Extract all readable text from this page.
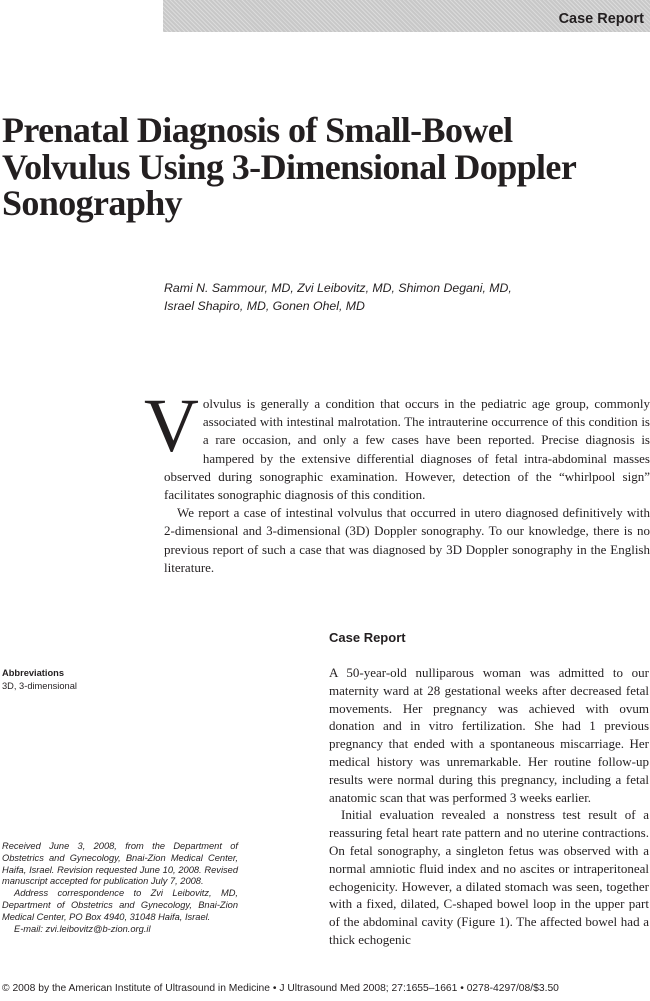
Case Report
Prenatal Diagnosis of Small-Bowel Volvulus Using 3-Dimensional Doppler Sonography
Rami N. Sammour, MD, Zvi Leibovitz, MD, Shimon Degani, MD,
Israel Shapiro, MD, Gonen Ohel, MD

Volvulus is generally a condition that occurs in the pediatric age group, commonly associated with intestinal malrotation. The intrauterine occurrence of this condition is a rare occasion, and only a few cases have been reported. Precise diagnosis is hampered by the extensive differential diagnoses of fetal intra-abdominal masses observed during sonographic examination. However, detection of the “whirlpool sign” facilitates sonographic diagnosis of this condition.

We report a case of intestinal volvulus that occurred in utero diagnosed definitively with 2-dimensional and 3-dimensional (3D) Doppler sonography. To our knowledge, there is no previous report of such a case that was diagnosed by 3D Doppler sonography in the English literature.

Case Report
Abbreviations
3D, 3-dimensional

Received June 3, 2008, from the Department of Obstetrics and Gynecology, Bnai-Zion Medical Center, Haifa, Israel. Revision requested June 10, 2008. Revised manuscript accepted for publication July 7, 2008.

Address correspondence to Zvi Leibovitz, MD, Department of Obstetrics and Gynecology, Bnai-Zion Medical Center, PO Box 4940, 31048 Haifa, Israel.

E-mail: zvi.leibovitz@b-zion.org.il

A 50-year-old nulliparous woman was admitted to our maternity ward at 28 gestational weeks after decreased fetal movements. Her pregnancy was achieved with ovum donation and in vitro fertilization. She had 1 previous pregnancy that ended with a spontaneous miscarriage. Her medical history was unremarkable. Her routine follow-up results were normal during this pregnancy, including a fetal anatomic scan that was performed 3 weeks earlier.

Initial evaluation revealed a nonstress test result of a reassuring fetal heart rate pattern and no uterine contractions. On fetal sonography, a singleton fetus was observed with a normal amniotic fluid index and no ascites or intraperitoneal echogenicity. However, a dilated stomach was seen, together with a fixed, dilated, C-shaped bowel loop in the upper part of the abdominal cavity (Figure 1). The affected bowel had a thick echogenic

© 2008 by the American Institute of Ultrasound in Medicine • J Ultrasound Med 2008; 27:1655–1661 • 0278-4297/08/$3.50
